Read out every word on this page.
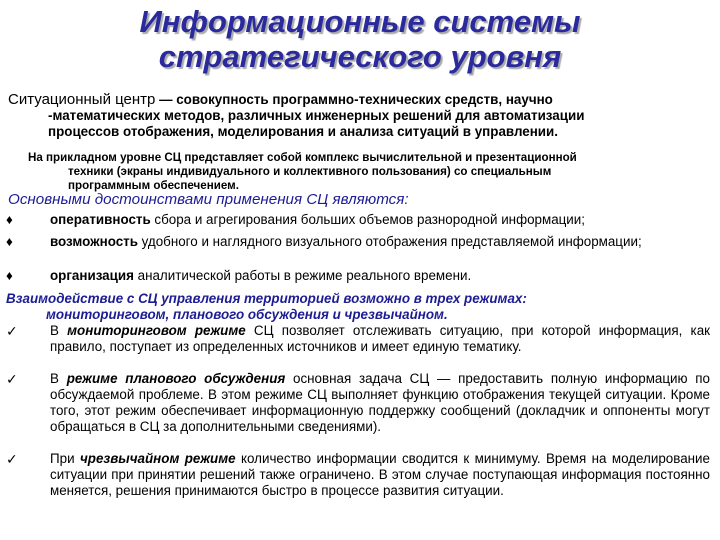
Информационные системы
стратегического уровня

Ситуационный центр — совокупность программно-технических средств, научно
-математических методов, различных инженерных решений для автоматизации
процессов отображения, моделирования и анализа ситуаций в управлении.

На прикладном уровне СЦ представляет собой комплекс вычислительной и презентационной
техники (экраны индивидуального и коллективного пользования) со специальным
программным обеспечением.

Основными достоинствами применения СЦ являются:

♦	оперативность сбора и агрегирования больших объемов разнородной информации;
♦	возможность удобного и наглядного визуального отображения представляемой информации;
♦	организация аналитической работы в режиме реального времени.

Взаимодействие с СЦ управления территорией возможно в трех режимах:
мониторинговом, планового обсуждения и чрезвычайном.

✓	В мониторинговом режиме СЦ позволяет отслеживать ситуацию, при которой информация, как правило, поступает из определенных источников и имеет единую тематику.
✓	В режиме планового обсуждения основная задача СЦ — предоставить полную информацию по обсуждаемой проблеме. В этом режиме СЦ выполняет функцию отображения текущей ситуации. Кроме того, этот режим обеспечивает информационную поддержку сообщений (докладчик и оппоненты могут обращаться в СЦ за дополнительными сведениями).
✓	При чрезвычайном режиме количество информации сводится к минимуму. Время на моделирование ситуации при принятии решений также ограничено. В этом случае поступающая информация постоянно меняется, решения принимаются быстро в процессе развития ситуации.
